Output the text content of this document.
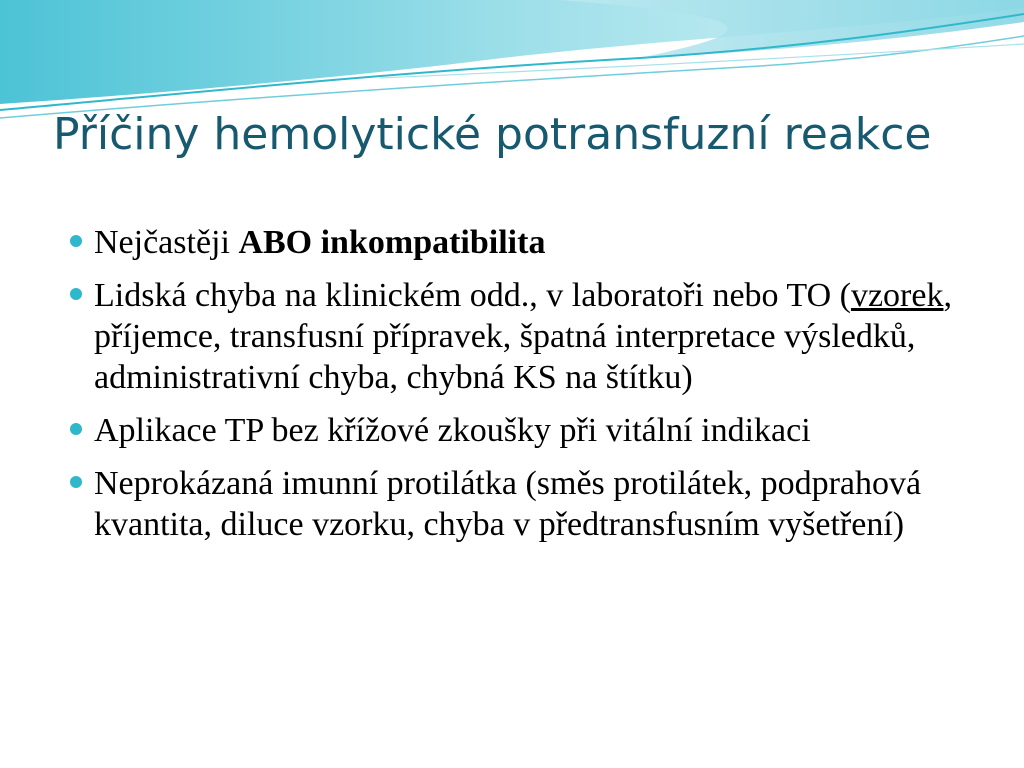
Příčiny hemolytické potransfuzní reakce
Nejčastěji ABO inkompatibilita
Lidská chyba na klinickém odd., v laboratoři nebo TO (vzorek, příjemce, transfusní přípravek, špatná interpretace výsledků, administrativní chyba, chybná KS na štítku)
Aplikace TP bez křížové zkoušky při vitální indikaci
Neprokázaná imunní protilátka (směs protilátek, podprahová kvantita, diluce vzorku, chyba v předtransfusním vyšetření)
